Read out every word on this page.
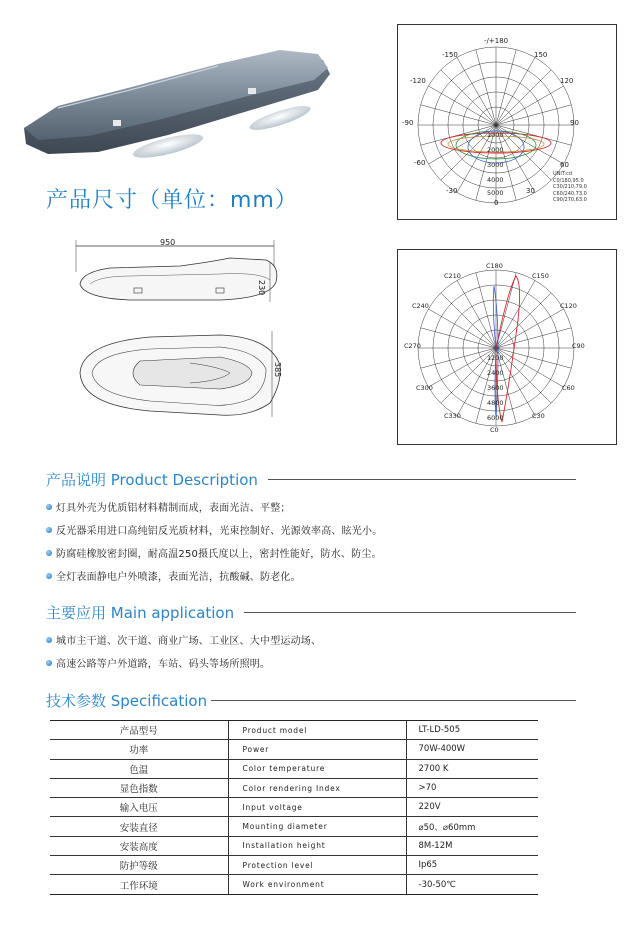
产品尺寸（单位：mm）
950
230
385
-/+180
150
-150
120
-120
90
-90
60
-60
30
-30
0
1000
2000
3000
4000
5000
UNIT:cd
C0/180,95.0
C30/210,79.0
C60/240,73.0
C90/270,63.0
C180
C210	C150
C240	C120
C270	C90
C300	C60
C330	C30
C0
1200
2400
3600
4800
6000
产品说明 Product Description
灯具外壳为优质铝材料精制而成，表面光洁、平整；
反光器采用进口高纯铝反光质材料，光束控制好、光源效率高、眩光小。
防腐硅橡胶密封圈，耐高温250摄氏度以上，密封性能好，防水、防尘。
全灯表面静电户外喷漆，表面光洁，抗酸碱、防老化。
主要应用 Main application
城市主干道、次干道、商业广场、工业区、大中型运动场、
高速公路等户外道路，车站、码头等场所照明。
技术参数 Specification
产品型号	Product model	LT-LD-505
功率	Power	70W-400W
色温	Color temperature	2700 K
显色指数	Color rendering Index	>70
输入电压	Input voltage	220V
安装直径	Mounting diameter	⌀50、⌀60mm
安装高度	Installation height	8M-12M
防护等级	Protection level	Ip65
工作环境	Work environment	-30-50℃
